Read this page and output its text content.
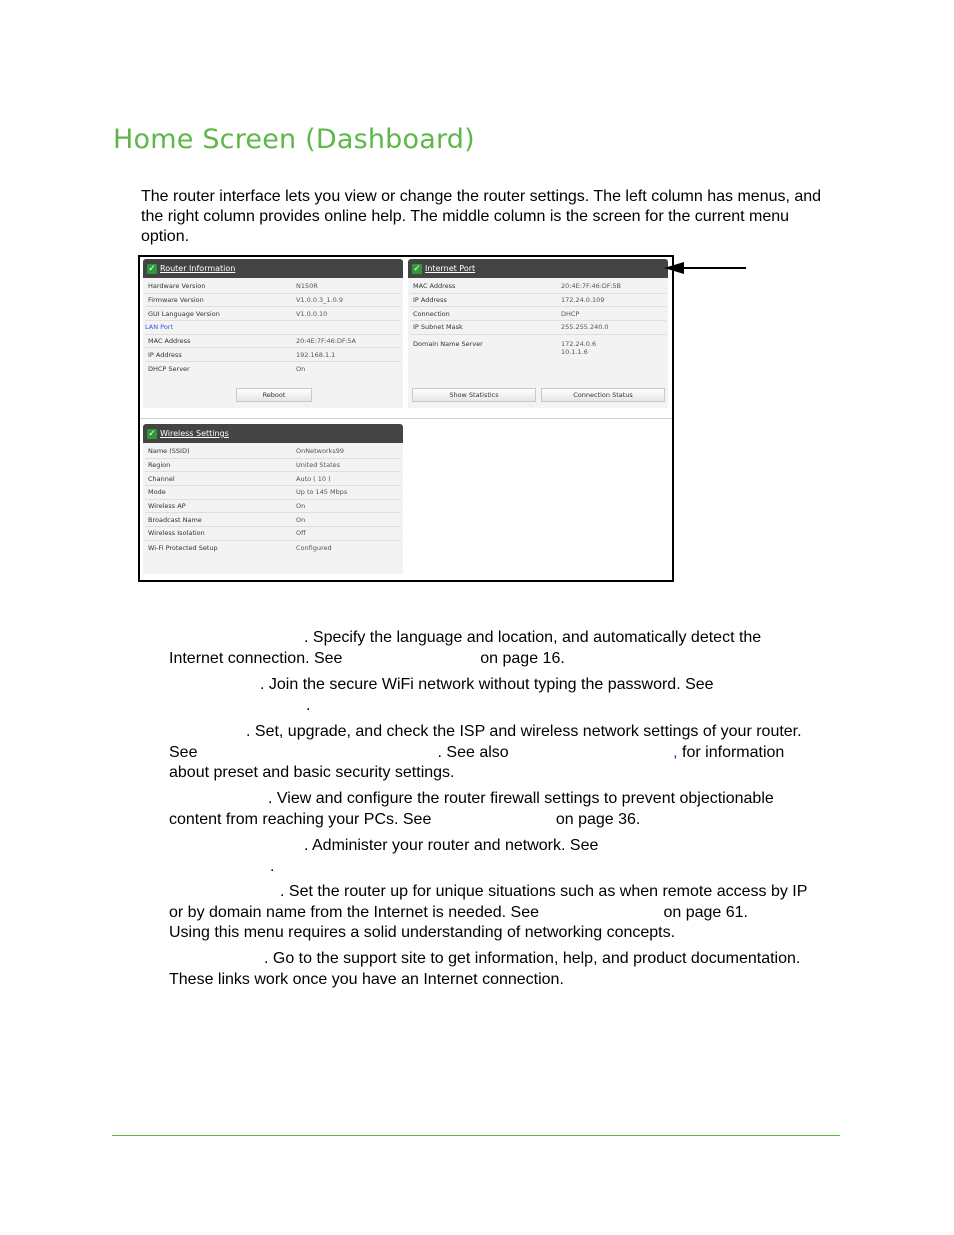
Home Screen (Dashboard)
The router interface lets you view or change the router settings. The left column has menus, and the right column provides online help. The middle column is the screen for the current menu option.
✓ Router Information
Hardware Version	N150R
Firmware Version	V1.0.0.3_1.0.9
GUI Language Version	V1.0.0.10
LAN Port
MAC Address	20:4E:7F:46:DF:5A
IP Address	192.168.1.1
DHCP Server	On
Reboot
✓ Internet Port
MAC Address	20:4E:7F:46:DF:5B
IP Address	172.24.0.109
Connection	DHCP
IP Subnet Mask	255.255.240.0
Domain Name Server	172.24.0.6
10.1.1.6
Show Statistics	Connection Status
✓ Wireless Settings
Name (SSID)	OnNetworks99
Region	United States
Channel	Auto ( 10 )
Mode	Up to 145 Mbps
Wireless AP	On
Broadcast Name	On
Wireless Isolation	Off
Wi-Fi Protected Setup	Configured
. Specify the language and location, and automatically detect the
Internet connection. See                               on page 16.
. Join the secure WiFi network without typing the password. See
.
. Set, upgrade, and check the ISP and wireless network settings of your router.
See                                                      . See also                                     , for information
about preset and basic security settings.
. View and configure the router firewall settings to prevent objectionable
content from reaching your PCs. See                            on page 36.
. Administer your router and network. See
.
. Set the router up for unique situations such as when remote access by IP
or by domain name from the Internet is needed. See                            on page 61.
Using this menu requires a solid understanding of networking concepts.
. Go to the support site to get information, help, and product documentation.
These links work once you have an Internet connection.
